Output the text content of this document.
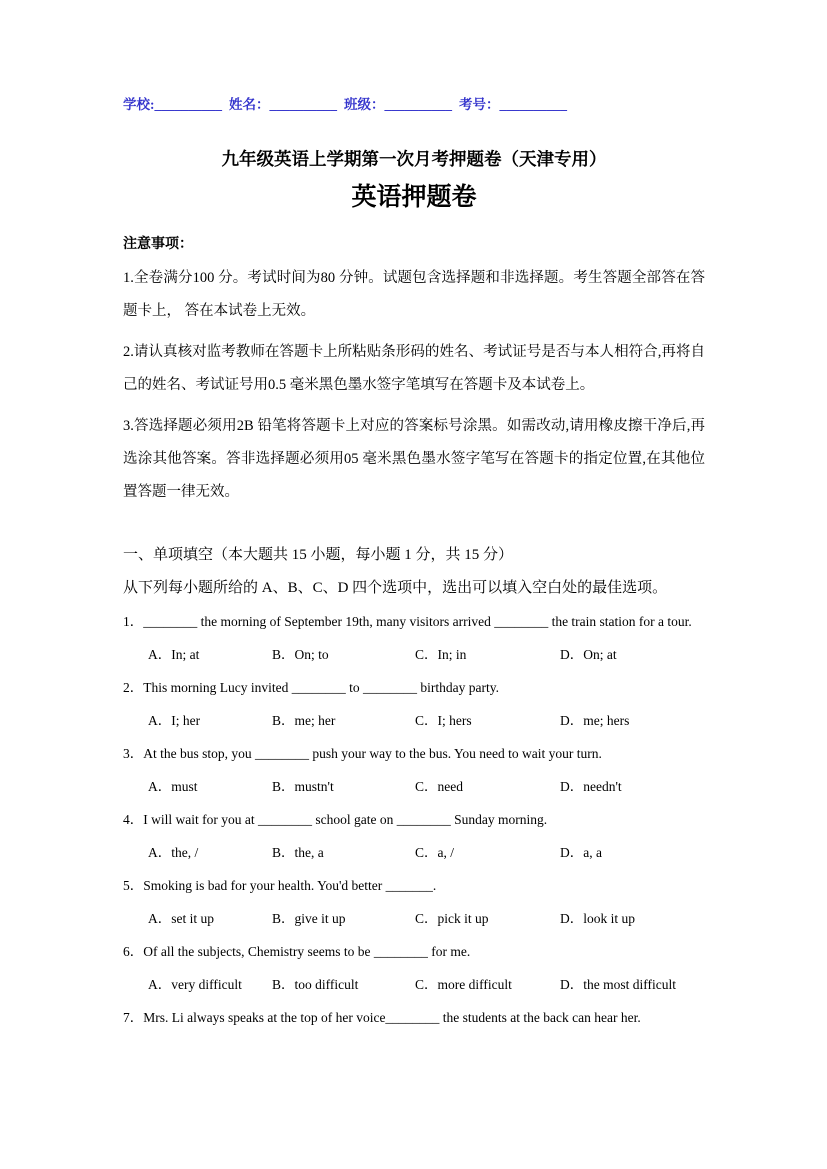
学校:__________ 姓名：__________ 班级：__________ 考号：__________
九年级英语上学期第一次月考押题卷（天津专用）
英语押题卷
注意事项：

1.全卷满分100 分。考试时间为80 分钟。试题包含选择题和非选择题。考生答题全部答在答题卡上， 答在本试卷上无效。

2.请认真核对监考教师在答题卡上所粘贴条形码的姓名、考试证号是否与本人相符合,再将自己的姓名、考试证号用0.5 毫米黑色墨水签字笔填写在答题卡及本试卷上。

3.答选择题必须用2B 铅笔将答题卡上对应的答案标号涂黑。如需改动,请用橡皮擦干净后,再选涂其他答案。答非选择题必须用05 毫米黑色墨水签字笔写在答题卡的指定位置,在其他位置答题一律无效。

一、单项填空（本大题共 15 小题，每小题 1 分，共 15 分）

从下列每小题所给的 A、B、C、D 四个选项中，选出可以填入空白处的最佳选项。

1．________ the morning of September 19th, many visitors arrived ________ the train station for a tour.

A．In; at	B．On; to	C．In; in	D．On; at

2．This morning Lucy invited ________ to ________ birthday party.

A．I; her	B．me; her	C．I; hers	D．me; hers

3．At the bus stop, you ________ push your way to the bus. You need to wait your turn.

A．must	B．mustn't	C．need	D．needn't

4．I will wait for you at ________ school gate on ________ Sunday morning.

A．the, /	B．the, a	C．a, /	D．a, a

5．Smoking is bad for your health. You'd better _______.

A．set it up	B．give it up	C．pick it up	D．look it up

6．Of all the subjects, Chemistry seems to be ________ for me.

A．very difficult	B．too difficult	C．more difficult	D．the most difficult

7．Mrs. Li always speaks at the top of her voice________ the students at the back can hear her.
